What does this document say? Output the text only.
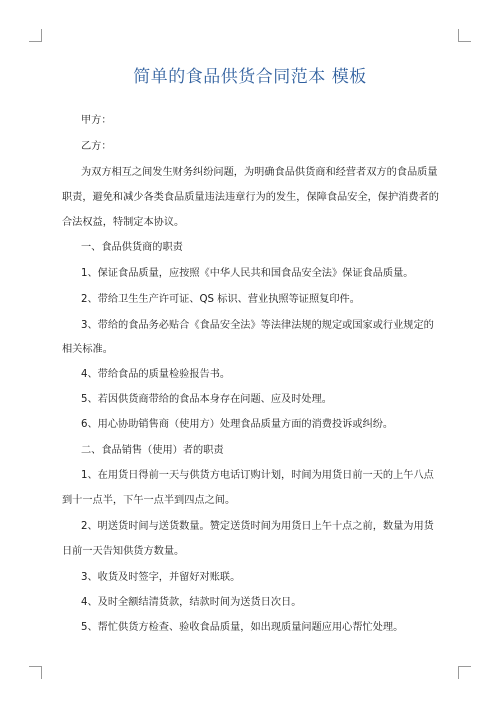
简单的食品供货合同范本 模板
甲方：
乙方：
为双方相互之间发生财务纠纷问题，为明确食品供货商和经营者双方的食品质量
职责，避免和减少各类食品质量违法违章行为的发生，保障食品安全，保护消费者的
合法权益，特制定本协议。
一、食品供货商的职责
1、保证食品质量，应按照《中华人民共和国食品安全法》保证食品质量。
2、带给卫生生产许可证、QS 标识、营业执照等证照复印件。
3、带给的食品务必贴合《食品安全法》等法律法规的规定或国家或行业规定的
相关标准。
4、带给食品的质量检验报告书。
5、若因供货商带给的食品本身存在问题、应及时处理。
6、用心协助销售商（使用方）处理食品质量方面的消费投诉或纠纷。
二、食品销售（使用）者的职责
1、在用货日得前一天与供货方电话订购计划，时间为用货日前一天的上午八点
到十一点半，下午一点半到四点之间。
2、明送货时间与送货数量。赞定送货时间为用货日上午十点之前，数量为用货
日前一天告知供货方数量。
3、收货及时签字，并留好对账联。
4、及时全额结清货款，结款时间为送货日次日。
5、帮忙供货方检查、验收食品质量，如出现质量问题应用心帮忙处理。
